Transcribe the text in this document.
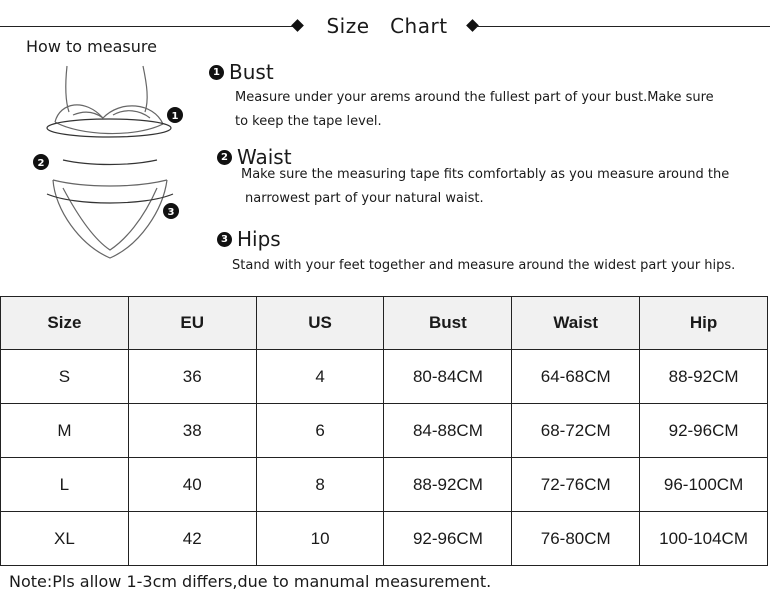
Size   Chart
How to measure
1
2
3
1 Bust
Measure under your arems around the fullest part of your bust.Make sure
to keep the tape level.
2 Waist
Make sure the measuring tape fits comfortably as you measure around the
narrowest part of your natural waist.
3 Hips
Stand with your feet together and measure around the widest part your hips.
Size	EU	US	Bust	Waist	Hip
S	36	4	80-84CM	64-68CM	88-92CM
M	38	6	84-88CM	68-72CM	92-96CM
L	40	8	88-92CM	72-76CM	96-100CM
XL	42	10	92-96CM	76-80CM	100-104CM
Note:Pls allow 1-3cm differs,due to manumal measurement.
